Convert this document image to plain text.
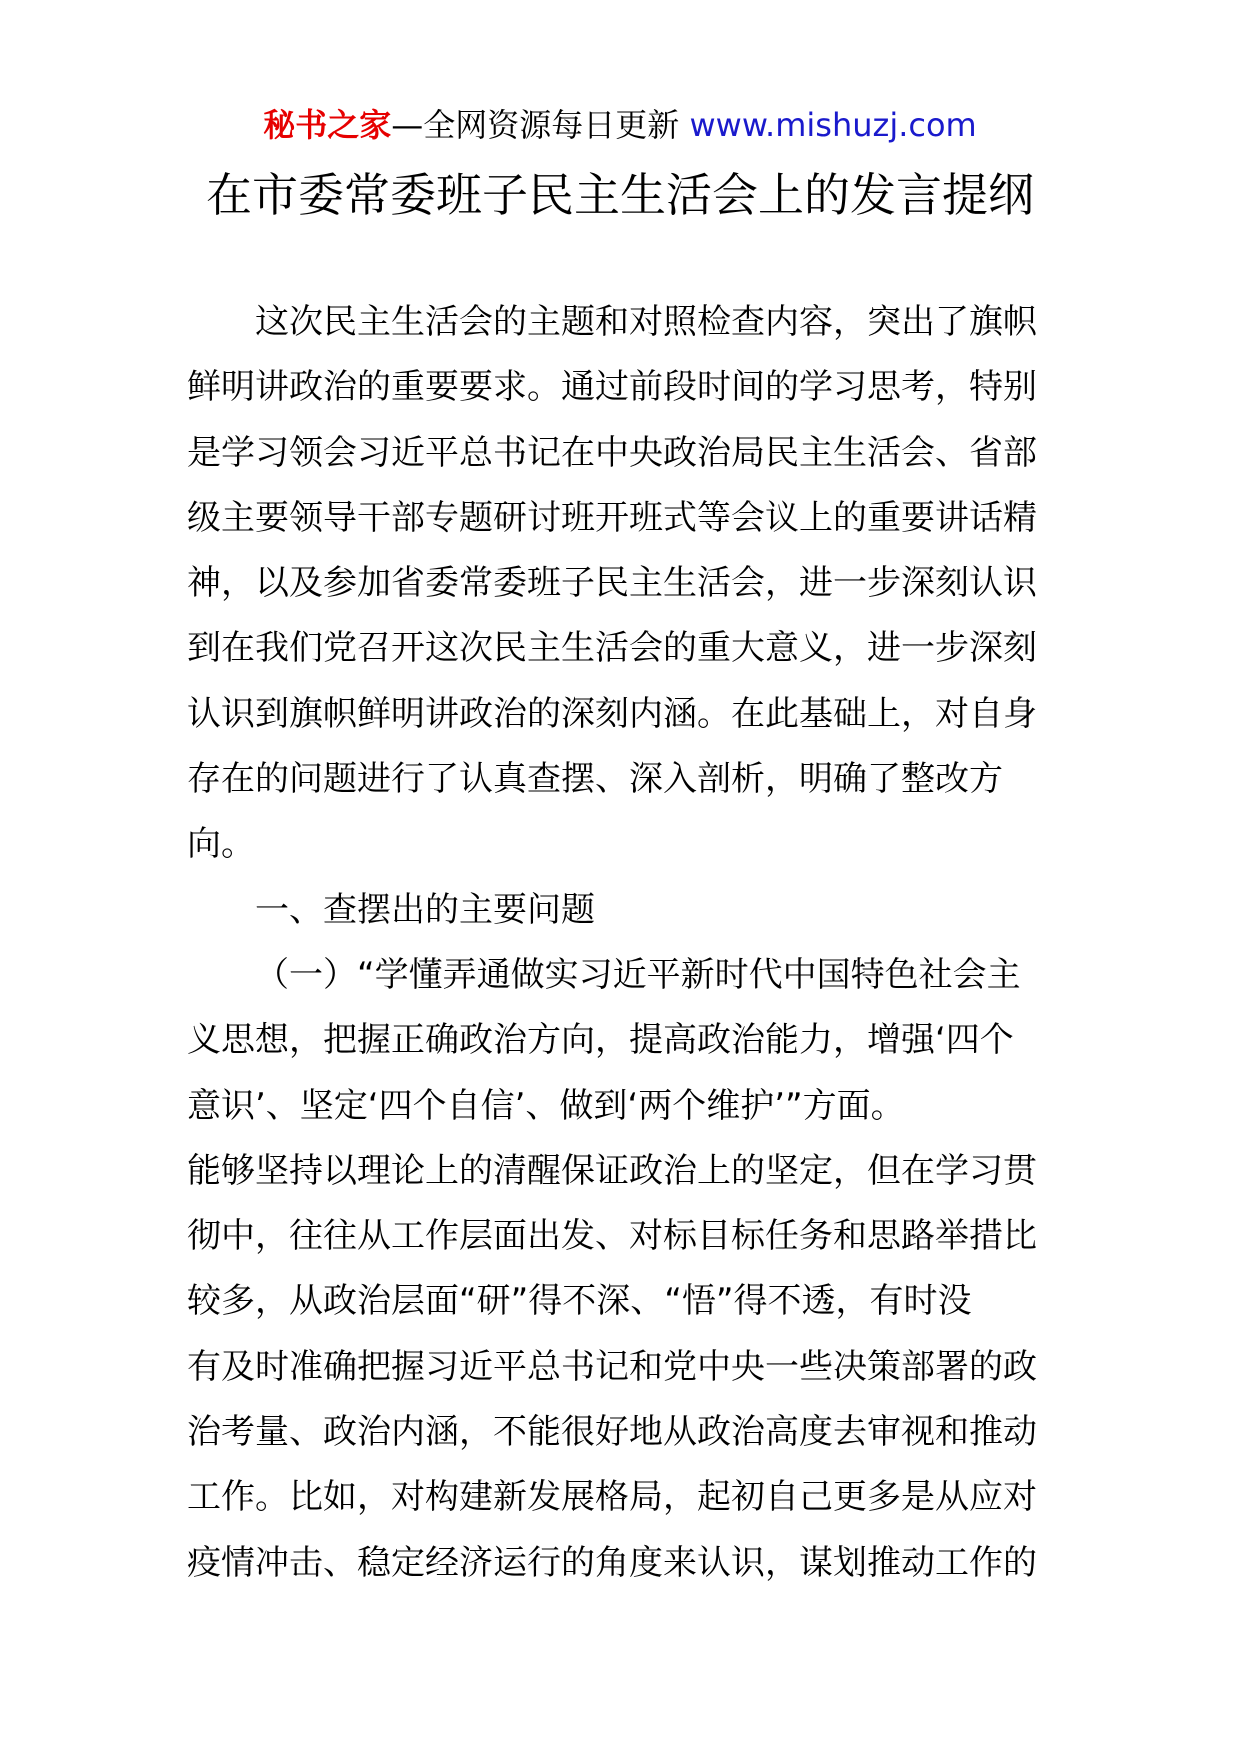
秘书之家—全网资源每日更新 www.mishuzj.com
在市委常委班子民主生活会上的发言提纲
这次民主生活会的主题和对照检查内容，突出了旗帜
鲜明讲政治的重要要求。通过前段时间的学习思考，特别
是学习领会习近平总书记在中央政治局民主生活会、省部
级主要领导干部专题研讨班开班式等会议上的重要讲话精
神，以及参加省委常委班子民主生活会，进一步深刻认识
到在我们党召开这次民主生活会的重大意义，进一步深刻
认识到旗帜鲜明讲政治的深刻内涵。在此基础上，对自身
存在的问题进行了认真查摆、深入剖析，明确了整改方
向。
一、查摆出的主要问题
（一）“学懂弄通做实习近平新时代中国特色社会主
义思想，把握正确政治方向，提高政治能力，增强‘四个
意识’、坚定‘四个自信’、做到‘两个维护’”方面。
能够坚持以理论上的清醒保证政治上的坚定，但在学习贯
彻中，往往从工作层面出发、对标目标任务和思路举措比
较多，从政治层面“研”得不深、“悟”得不透，有时没
有及时准确把握习近平总书记和党中央一些决策部署的政
治考量、政治内涵，不能很好地从政治高度去审视和推动
工作。比如，对构建新发展格局，起初自己更多是从应对
疫情冲击、稳定经济运行的角度来认识，谋划推动工作的
